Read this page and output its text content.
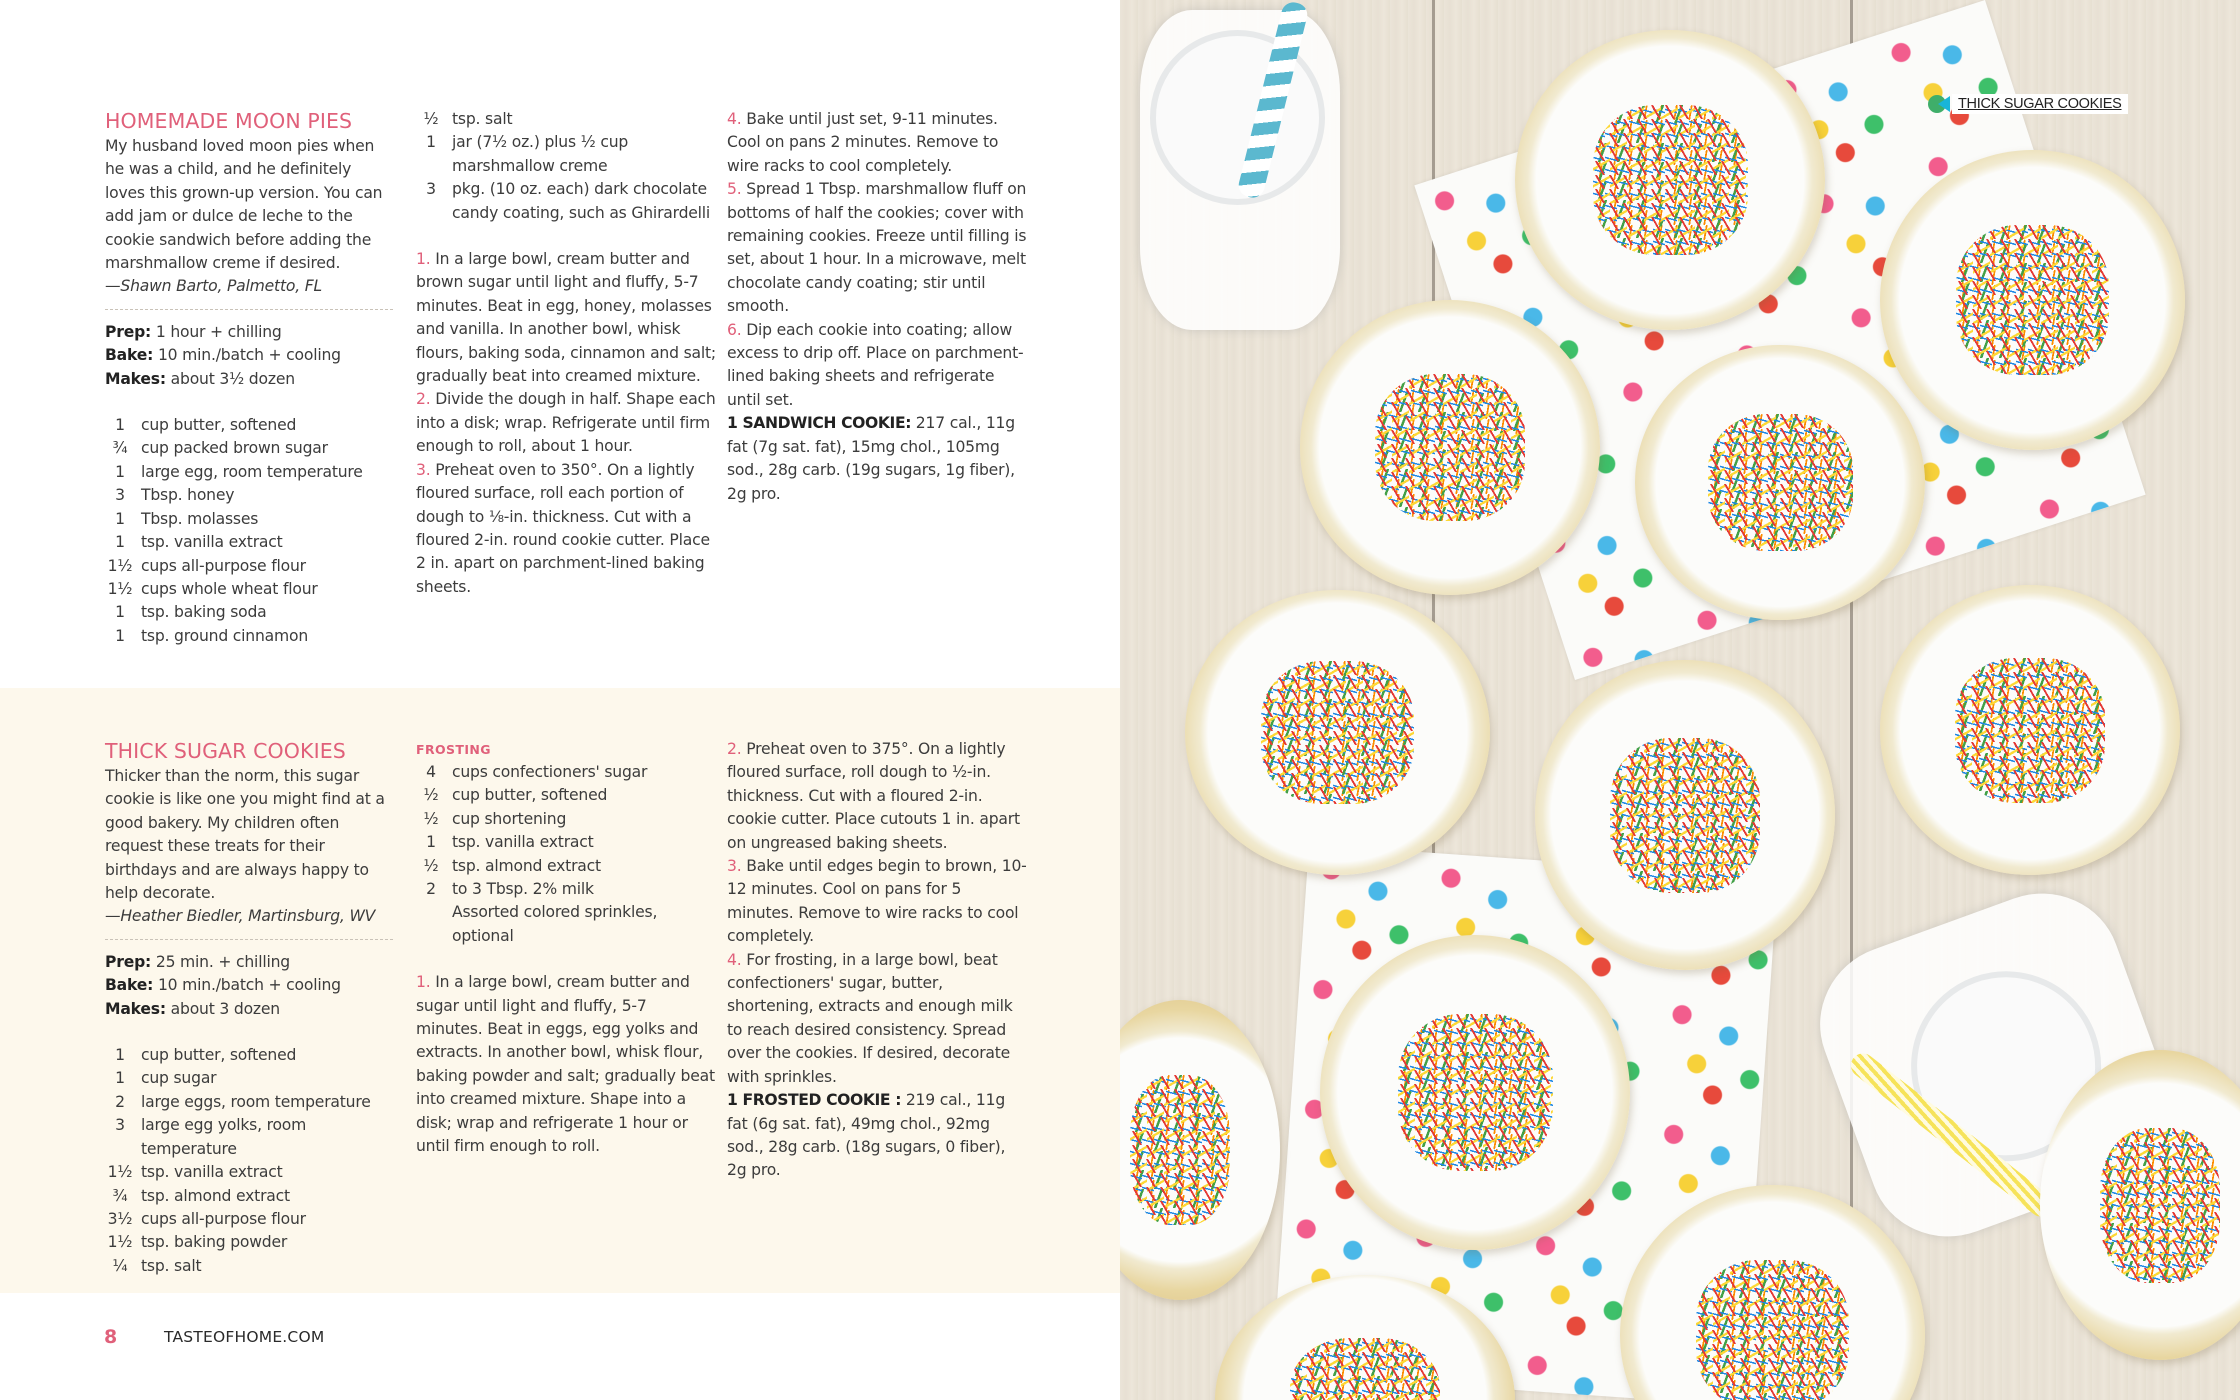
HOMEMADE MOON PIES

My husband loved moon pies when he was a child, and he definitely loves this grown-up version. You can add jam or dulce de leche to the cookie sandwich before adding the marshmallow creme if desired.

—Shawn Barto, Palmetto, FL

Prep: 1 hour + chilling

Bake: 10 min./batch + cooling

Makes: about 3½ dozen

1	cup butter, softened
¾ cup packed brown sugar
1	large egg, room temperature
3	Tbsp. honey
1	Tbsp. molasses
1	tsp. vanilla extract
1½ cups all-purpose flour
1½ cups whole wheat flour
1	tsp. baking soda
1	tsp. ground cinnamon
½ tsp. salt
1	jar (7½ oz.) plus ½ cup marshmallow creme
3	pkg. (10 oz. each) dark chocolate candy coating, such as Ghirardelli

1. In a large bowl, cream butter and brown sugar until light and fluffy, 5-7 minutes. Beat in egg, honey, molasses and vanilla. In another bowl, whisk flours, baking soda, cinnamon and salt; gradually beat into creamed mixture.

2. Divide the dough in half. Shape each into a disk; wrap. Refrigerate until firm enough to roll, about 1 hour.

3. Preheat oven to 350°. On a lightly floured surface, roll each portion of dough to ⅛-in. thickness. Cut with a floured 2-in. round cookie cutter. Place 2 in. apart on parchment-lined baking sheets.

4. Bake until just set, 9-11 minutes. Cool on pans 2 minutes. Remove to wire racks to cool completely.

5. Spread 1 Tbsp. marshmallow fluff on bottoms of half the cookies; cover with remaining cookies. Freeze until filling is set, about 1 hour. In a microwave, melt chocolate candy coating; stir until smooth.

6. Dip each cookie into coating; allow excess to drip off. Place on parchment-lined baking sheets and refrigerate until set.

1 SANDWICH COOKIE: 217 cal., 11g fat (7g sat. fat), 15mg chol., 105mg sod., 28g carb. (19g sugars, 1g fiber), 2g pro.

THICK SUGAR COOKIES

Thicker than the norm, this sugar cookie is like one you might find at a good bakery. My children often request these treats for their birthdays and are always happy to help decorate.

—Heather Biedler, Martinsburg, WV

Prep: 25 min. + chilling

Bake: 10 min./batch + cooling

Makes: about 3 dozen

1	cup butter, softened
1	cup sugar
2	large eggs, room temperature
3	large egg yolks, room temperature
1½ tsp. vanilla extract
¾ tsp. almond extract
3½ cups all-purpose flour
1½ tsp. baking powder
¼ tsp. salt
FROSTING
4	cups confectioners' sugar
½ cup butter, softened
½ cup shortening
1	tsp. vanilla extract
½ tsp. almond extract
2	to 3 Tbsp. 2% milk
Assorted colored sprinkles, optional

1. In a large bowl, cream butter and sugar until light and fluffy, 5-7 minutes. Beat in eggs, egg yolks and extracts. In another bowl, whisk flour, baking powder and salt; gradually beat into creamed mixture. Shape into a disk; wrap and refrigerate 1 hour or until firm enough to roll.

2. Preheat oven to 375°. On a lightly floured surface, roll dough to ½-in. thickness. Cut with a floured 2-in. cookie cutter. Place cutouts 1 in. apart on ungreased baking sheets.

3. Bake until edges begin to brown, 10-12 minutes. Cool on pans for 5 minutes. Remove to wire racks to cool completely.

4. For frosting, in a large bowl, beat confectioners' sugar, butter, shortening, extracts and enough milk to reach desired consistency. Spread over the cookies. If desired, decorate with sprinkles.

1 FROSTED COOKIE : 219 cal., 11g fat (6g sat. fat), 49mg chol., 92mg sod., 28g carb. (18g sugars, 0 fiber), 2g pro.

8	TASTEOFHOME.COM
THICK SUGAR COOKIES
